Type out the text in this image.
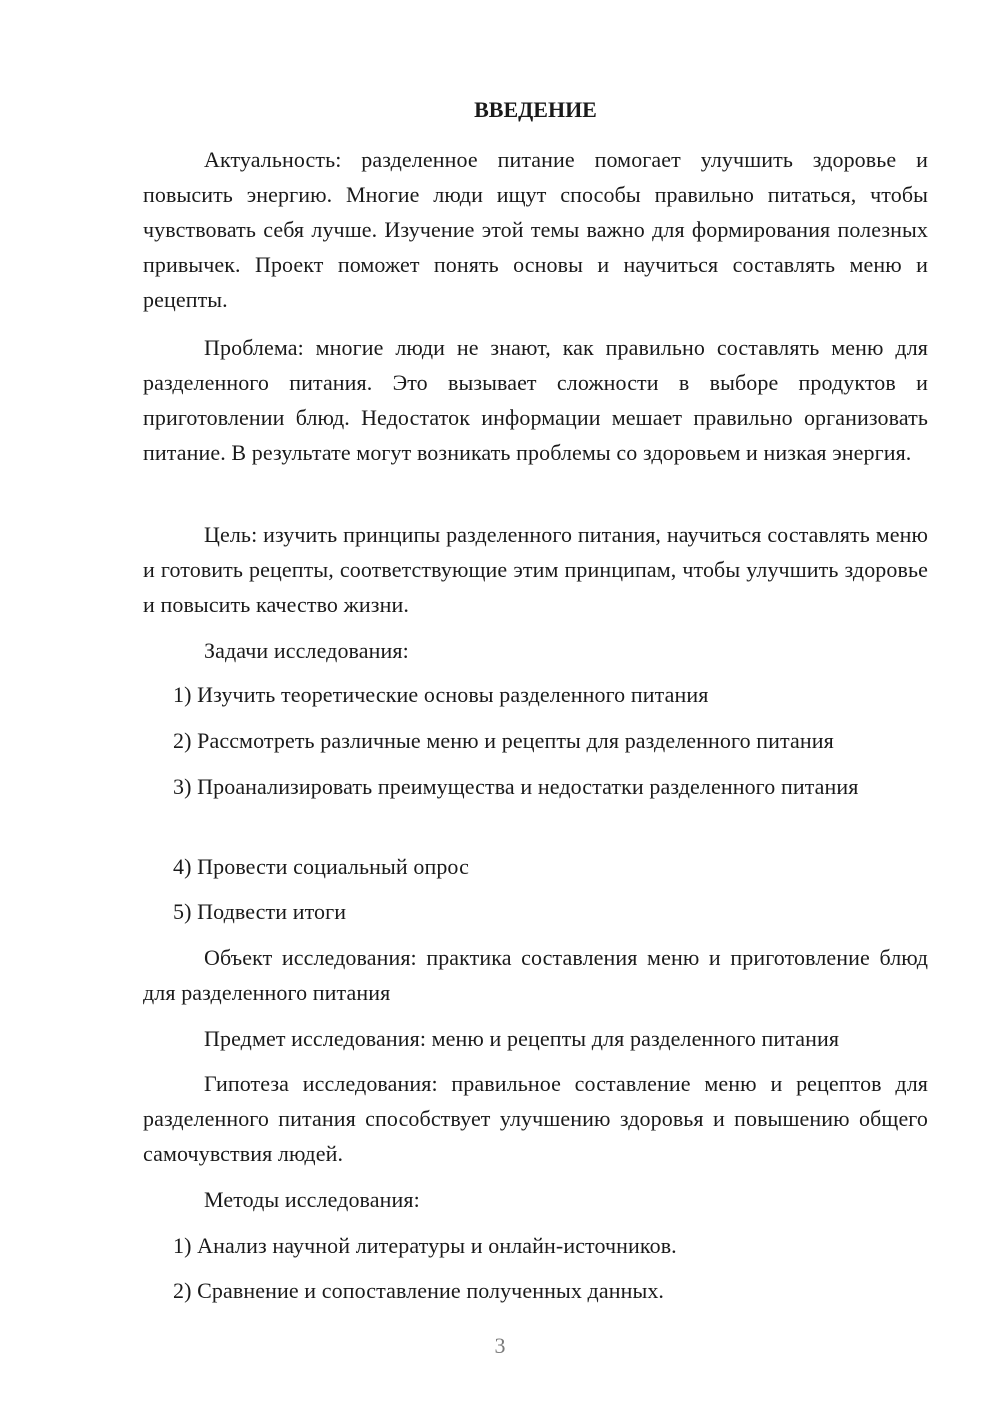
ВВЕДЕНИЕ

Актуальность: разделенное питание помогает улучшить здоровье и повысить энергию. Многие люди ищут способы правильно питаться, чтобы чувствовать себя лучше. Изучение этой темы важно для формирования полезных привычек. Проект поможет понять основы и научиться составлять меню и рецепты.

Проблема: многие люди не знают, как правильно составлять меню для разделенного питания. Это вызывает сложности в выборе продуктов и приготовлении блюд. Недостаток информации мешает правильно организовать питание. В результате могут возникать проблемы со здоровьем и низкая энергия.

Цель: изучить принципы разделенного питания, научиться составлять меню и готовить рецепты, соответствующие этим принципам, чтобы улучшить здоровье и повысить качество жизни.

Задачи исследования:

1) Изучить теоретические основы разделенного питания

2) Рассмотреть различные меню и рецепты для разделенного питания

3) Проанализировать преимущества и недостатки разделенного питания

4) Провести социальный опрос

5) Подвести итоги

Объект исследования: практика составления меню и приготовление блюд для разделенного питания

Предмет исследования: меню и рецепты для разделенного питания

Гипотеза исследования: правильное составление меню и рецептов для разделенного питания способствует улучшению здоровья и повышению общего самочувствия людей.

Методы исследования:

1) Анализ научной литературы и онлайн-источников.

2) Сравнение и сопоставление полученных данных.

3
